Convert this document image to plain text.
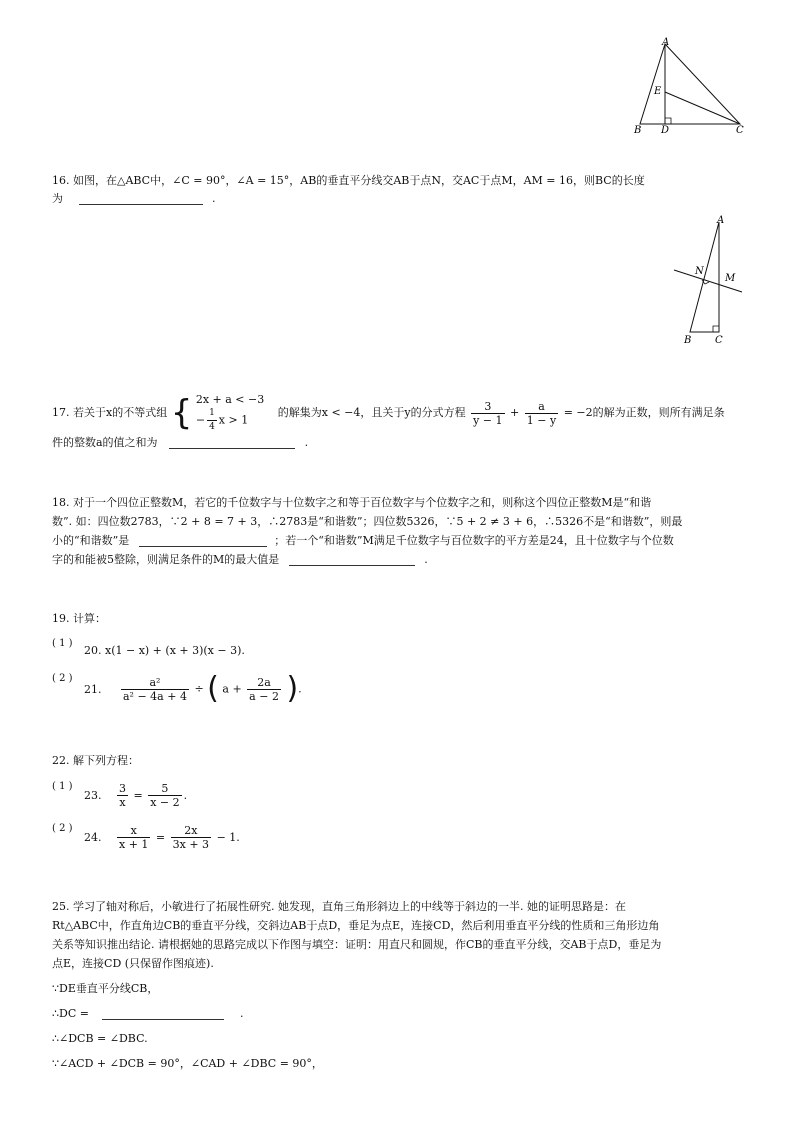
A
E
B D	C
16. 如图，在△ABC中，∠C = 90°，∠A = 15°，AB的垂直平分线交AB于点N，交AC于点M，AM = 16，则BC的长度
为	.
A
N
M
B C
17. 若关于x的不等式组 { 2x + a < −3
− $\frac{1}{4}$ x > 1
的解集为x < −4，且关于y的分式方程 $\frac{3}{y - 1} + \frac{a}{1 - y} = -2$的解为正数，则所有满足条
件的整数a的值之和为	.
18. 对于一个四位正整数M，若它的千位数字与十位数字之和等于百位数字与个位数字之和，则称这个四位正整数M是“和谐
数”. 如：四位数2783，∵2 + 8 = 7 + 3，∴2783是“和谐数”；四位数5326，∵5 + 2 ≠ 3 + 6，∴5326不是“和谐数”，则最
小的“和谐数”是	；若一个“和谐数”M满足千位数字与百位数字的平方差是24，且十位数字与个位数
字的和能被5整除，则满足条件的M的最大值是	.
19. 计算：
( 1 )
20. x(1 − x) + (x + 3)(x − 3).
( 2 )
21. $\frac{\text{a²}}{\text{a² − 4a + 4}}$ ÷ ( $a + \frac{2a}{a - 2}$ ).
22. 解下列方程：
( 1 )
23. $\frac{3}{x} = \frac{5}{x - 2}$ .
( 2 )
24. $\frac{x}{x + 1} = \frac{2x}{3x + 3} - 1$.
25. 学习了轴对称后，小敏进行了拓展性研究. 她发现，直角三角形斜边上的中线等于斜边的一半. 她的证明思路是：在
Rt△ABC中，作直角边CB的垂直平分线，交斜边AB于点D，垂足为点E，连接CD，然后利用垂直平分线的性质和三角形边角
关系等知识推出结论. 请根据她的思路完成以下作图与填空：证明：用直尺和圆规，作CB的垂直平分线，交AB于点D，垂足为
点E，连接CD (只保留作图痕迹).
∵DE垂直平分线CB，
∴DC =	.
∴∠DCB = ∠DBC.
∵∠ACD + ∠DCB = 90°，∠CAD + ∠DBC = 90°，
